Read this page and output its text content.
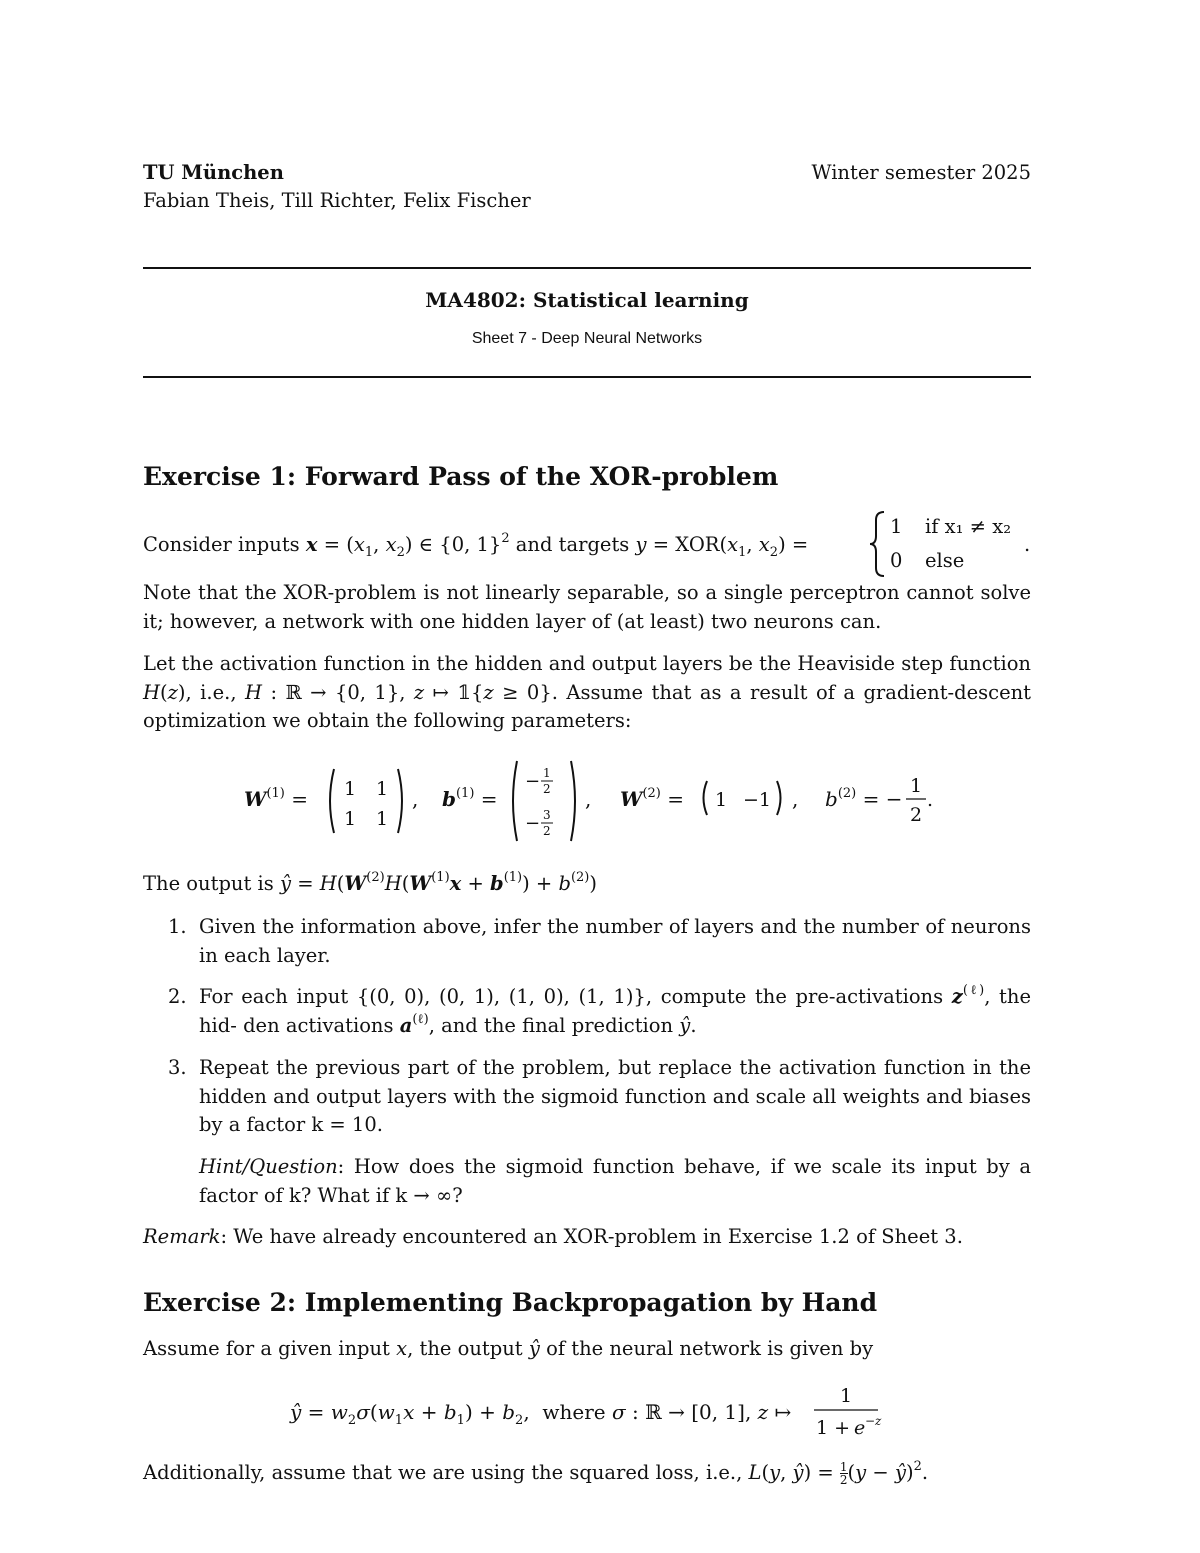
TU München
Fabian Theis, Till Richter, Felix Fischer
Winter semester 2025
MA4802: Statistical learning
Sheet 7 - Deep Neural Networks
Exercise 1: Forward Pass of the XOR-problem
Consider inputs $x = (x_1$, $x_2$) ∈ {0, 1}$^2$ and targets $y = XOR(x_1$, $x_2$) =
1 if x₁ ≠ x₂
0 else
.
Note that the XOR-problem is not linearly separable, so a single perceptron cannot solve it; however, a network with one hidden layer of (at least) two neurons can.
Let the activation function in the hidden and output layers be the Heaviside step function H(z), i.e., H : ℝ → {0, 1}, z ↦ 𝟙{z ≥ 0}. Assume that as a result of a gradient-descent optimization we obtain the following parameters:
$W^{(1)} = 1$ 1
1 1
, $b^{(1)}$ =
− 1
2
− 3
2
, $W^{(2)} = 1 -1$ , $b^{(2)}$ = −
1
2
.
The output is ŷ = $H(W^{(2)}H(W^{(1)}x + b^{(1)}) + b^{(2)})$
1. Given the information above, infer the number of layers and the number of neurons in each layer.
2. For each input {(0, 0), (0, 1), (1, 0), (1, 1)}, compute the pre-activations $z^{(\ell)}$, the hid- den activations $a^{(\ell)}$, and the final prediction ŷ.
3. Repeat the previous part of the problem, but replace the activation function in the hidden and output layers with the sigmoid function and scale all weights and biases by a factor k = 10.
Hint/Question: How does the sigmoid function behave, if we scale its input by a factor of k? What if k → ∞?
Remark: We have already encountered an XOR-problem in Exercise 1.2 of Sheet 3.
Exercise 2: Implementing Backpropagation by Hand
Assume for a given input x, the output ŷ of the neural network is given by
ŷ = $w_2\sigma(w_1x + b_1) + b_2$,  where σ : ℝ → [0, 1], z ↦
1
1 + e −z
Additionally, assume that we are using the squared loss, i.e., L(y, ŷ) = $\frac{1}{2} (y$ − ŷ)$^2$.
